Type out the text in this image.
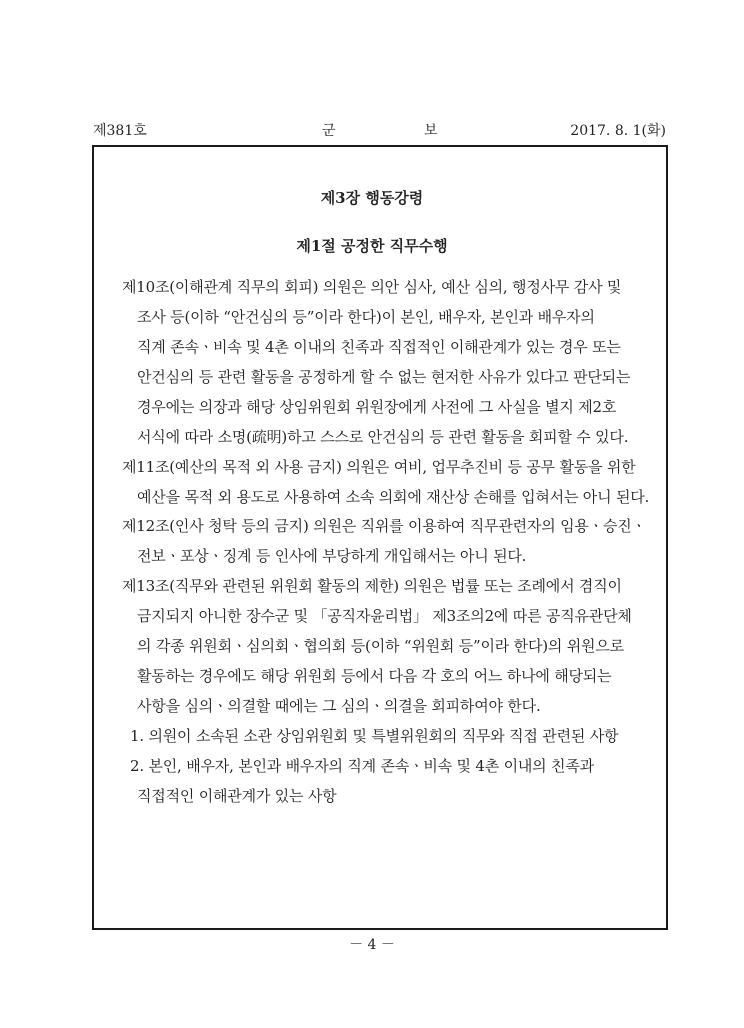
제381호	군	보	2017. 8. 1(화)
제3장 행동강령
제1절 공정한 직무수행
제10조(이해관계 직무의 회피) 의원은 의안 심사, 예산 심의, 행정사무 감사 및
조사 등(이하 “안건심의 등”이라 한다)이 본인, 배우자, 본인과 배우자의
직계 존속ㆍ비속 및 4촌 이내의 친족과 직접적인 이해관계가 있는 경우 또는
안건심의 등 관련 활동을 공정하게 할 수 없는 현저한 사유가 있다고 판단되는
경우에는 의장과 해당 상임위원회 위원장에게 사전에 그 사실을 별지 제2호
서식에 따라 소명(疏明)하고 스스로 안건심의 등 관련 활동을 회피할 수 있다.
제11조(예산의 목적 외 사용 금지) 의원은 여비, 업무추진비 등 공무 활동을 위한
예산을 목적 외 용도로 사용하여 소속 의회에 재산상 손해를 입혀서는 아니 된다.
제12조(인사 청탁 등의 금지) 의원은 직위를 이용하여 직무관련자의 임용ㆍ승진ㆍ
전보ㆍ포상ㆍ징계 등 인사에 부당하게 개입해서는 아니 된다.
제13조(직무와 관련된 위원회 활동의 제한) 의원은 법률 또는 조례에서 겸직이
금지되지 아니한 장수군 및 「공직자윤리법」 제3조의2에 따른 공직유관단체
의 각종 위원회ㆍ심의회ㆍ협의회 등(이하 “위원회 등”이라 한다)의 위원으로
활동하는 경우에도 해당 위원회 등에서 다음 각 호의 어느 하나에 해당되는
사항을 심의ㆍ의결할 때에는 그 심의ㆍ의결을 회피하여야 한다.
1. 의원이 소속된 소관 상임위원회 및 특별위원회의 직무와 직접 관련된 사항
2. 본인, 배우자, 본인과 배우자의 직계 존속ㆍ비속 및 4촌 이내의 친족과
직접적인 이해관계가 있는 사항
－ 4 －
